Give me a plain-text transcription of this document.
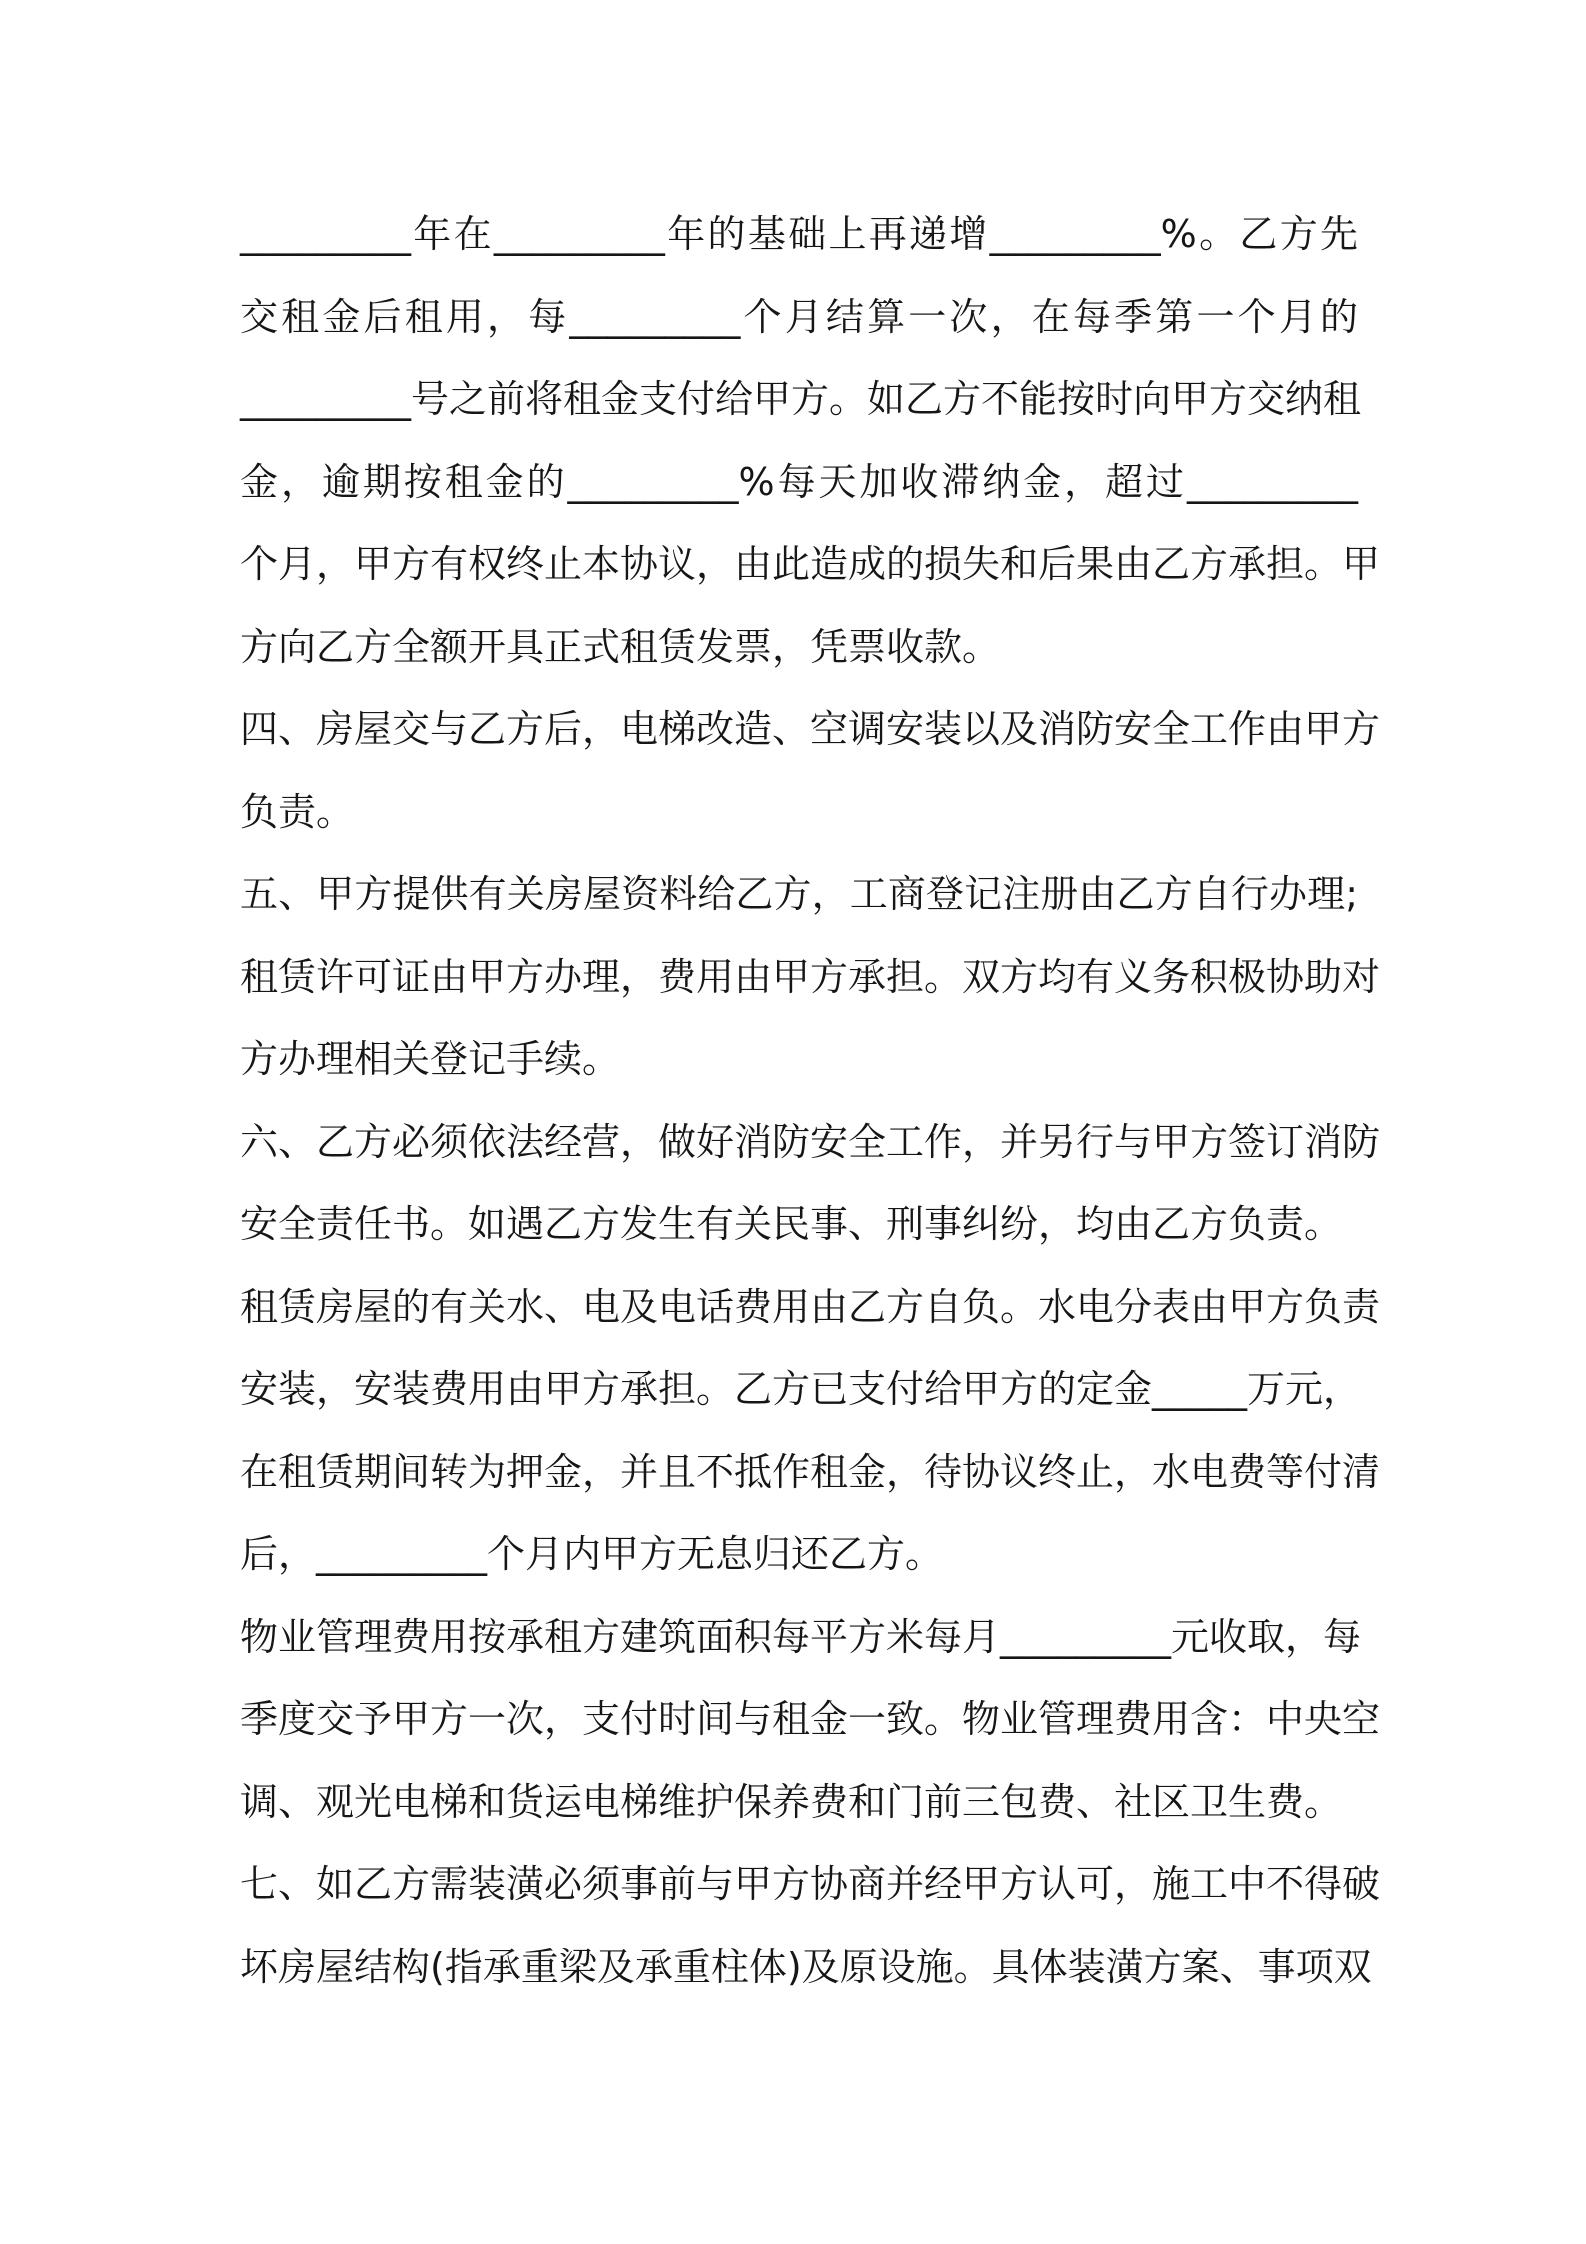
_________年在_________年的基础上再递增_________%。乙方先
交租金后租用，每_________个月结算一次，在每季第一个月的
_________号之前将租金支付给甲方。如乙方不能按时向甲方交纳租
金，逾期按租金的_________%每天加收滞纳金，超过_________
个月，甲方有权终止本协议，由此造成的损失和后果由乙方承担。甲
方向乙方全额开具正式租赁发票，凭票收款。
四、房屋交与乙方后，电梯改造、空调安装以及消防安全工作由甲方
负责。
五、甲方提供有关房屋资料给乙方，工商登记注册由乙方自行办理;
租赁许可证由甲方办理，费用由甲方承担。双方均有义务积极协助对
方办理相关登记手续。
六、乙方必须依法经营，做好消防安全工作，并另行与甲方签订消防
安全责任书。如遇乙方发生有关民事、刑事纠纷，均由乙方负责。
租赁房屋的有关水、电及电话费用由乙方自负。水电分表由甲方负责
安装，安装费用由甲方承担。乙方已支付给甲方的定金_____万元，
在租赁期间转为押金，并且不抵作租金，待协议终止，水电费等付清
后，_________个月内甲方无息归还乙方。
物业管理费用按承租方建筑面积每平方米每月_________元收取，每
季度交予甲方一次，支付时间与租金一致。物业管理费用含：中央空
调、观光电梯和货运电梯维护保养费和门前三包费、社区卫生费。
七、如乙方需装潢必须事前与甲方协商并经甲方认可，施工中不得破
坏房屋结构(指承重梁及承重柱体)及原设施。具体装潢方案、事项双
